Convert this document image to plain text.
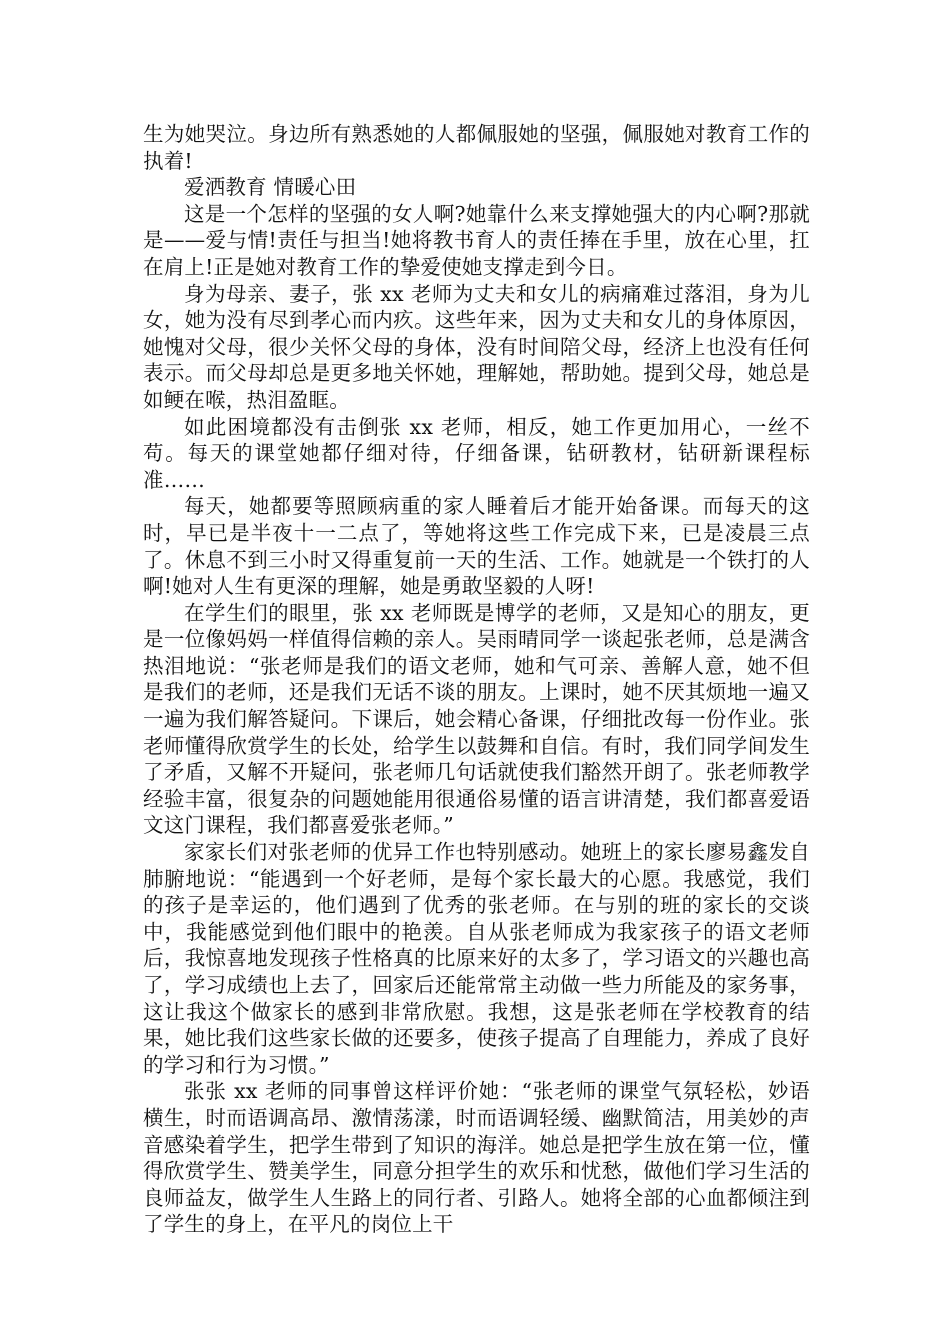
生为她哭泣。身边所有熟悉她的人都佩服她的坚强，佩服她对教育工作的执着!

爱洒教育 情暖心田

这是一个怎样的坚强的女人啊?她靠什么来支撑她强大的内心啊?那就是——爱与情!责任与担当!她将教书育人的责任捧在手里，放在心里，扛在肩上!正是她对教育工作的挚爱使她支撑走到今日。

身为母亲、妻子，张 xx 老师为丈夫和女儿的病痛难过落泪，身为儿女，她为没有尽到孝心而内疚。这些年来，因为丈夫和女儿的身体原因，她愧对父母，很少关怀父母的身体，没有时间陪父母，经济上也没有任何表示。而父母却总是更多地关怀她，理解她，帮助她。提到父母，她总是如鲠在喉，热泪盈眶。

如此困境都没有击倒张 xx 老师，相反，她工作更加用心，一丝不苟。每天的课堂她都仔细对待，仔细备课，钻研教材，钻研新课程标准……

每天，她都要等照顾病重的家人睡着后才能开始备课。而每天的这时，早已是半夜十一二点了，等她将这些工作完成下来，已是凌晨三点了。休息不到三小时又得重复前一天的生活、工作。她就是一个铁打的人啊!她对人生有更深的理解，她是勇敢坚毅的人呀!

在学生们的眼里，张 xx 老师既是博学的老师，又是知心的朋友，更是一位像妈妈一样值得信赖的亲人。吴雨晴同学一谈起张老师，总是满含热泪地说：“张老师是我们的语文老师，她和气可亲、善解人意，她不但是我们的老师，还是我们无话不谈的朋友。上课时，她不厌其烦地一遍又一遍为我们解答疑问。下课后，她会精心备课，仔细批改每一份作业。张老师懂得欣赏学生的长处，给学生以鼓舞和自信。有时，我们同学间发生了矛盾，又解不开疑问，张老师几句话就使我们豁然开朗了。张老师教学经验丰富，很复杂的问题她能用很通俗易懂的语言讲清楚，我们都喜爱语文这门课程，我们都喜爱张老师。”

家家长们对张老师的优异工作也特别感动。她班上的家长廖易鑫发自肺腑地说：“能遇到一个好老师，是每个家长最大的心愿。我感觉，我们的孩子是幸运的，他们遇到了优秀的张老师。在与别的班的家长的交谈中，我能感觉到他们眼中的艳羡。自从张老师成为我家孩子的语文老师后，我惊喜地发现孩子性格真的比原来好的太多了，学习语文的兴趣也高了，学习成绩也上去了，回家后还能常常主动做一些力所能及的家务事，这让我这个做家长的感到非常欣慰。我想，这是张老师在学校教育的结果，她比我们这些家长做的还要多，使孩子提高了自理能力，养成了良好的学习和行为习惯。”

张张 xx 老师的同事曾这样评价她：“张老师的课堂气氛轻松，妙语横生，时而语调高昂、激情荡漾，时而语调轻缓、幽默简洁，用美妙的声音感染着学生，把学生带到了知识的海洋。她总是把学生放在第一位，懂得欣赏学生、赞美学生，同意分担学生的欢乐和忧愁，做他们学习生活的良师益友，做学生人生路上的同行者、引路人。她将全部的心血都倾注到了学生的身上，在平凡的岗位上干
